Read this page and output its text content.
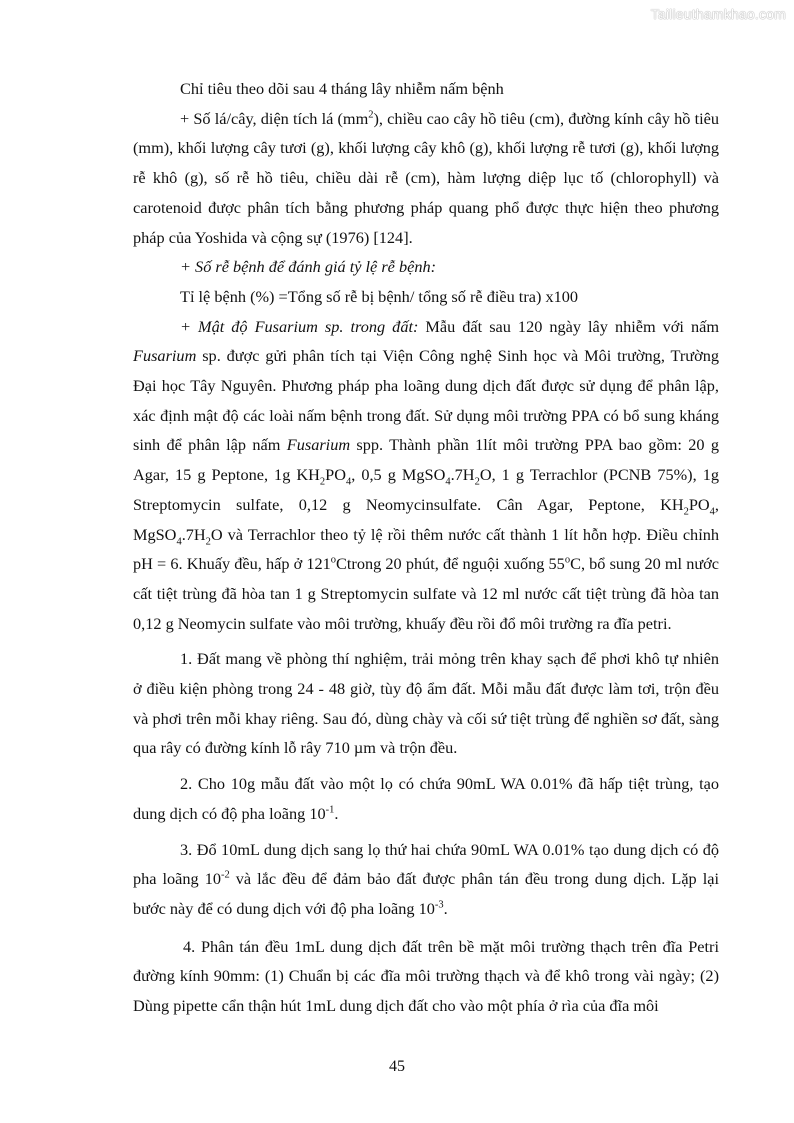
Tailieuthamkhao.com

Chỉ tiêu theo dõi sau 4 tháng lây nhiễm nấm bệnh

+ Số lá/cây, diện tích lá $(mm^2)$, chiều cao cây hồ tiêu (cm), đường kính cây hồ tiêu (mm), khối lượng cây tươi (g), khối lượng cây khô (g), khối lượng rễ tươi (g), khối lượng rễ khô (g), số rễ hồ tiêu, chiều dài rễ (cm), hàm lượng diệp lục tố (chlorophyll) và carotenoid được phân tích bằng phương pháp quang phổ được thực hiện theo phương pháp của Yoshida và cộng sự (1976) [124].

+ Số rễ bệnh để đánh giá tỷ lệ rễ bệnh:

Tỉ lệ bệnh (%) =Tổng số rễ bị bệnh/ tổng số rễ điều tra) x100

+ Mật độ Fusarium sp. trong đất: Mẫu đất sau 120 ngày lây nhiễm với nấm Fusarium sp. được gửi phân tích tại Viện Công nghệ Sinh học và Môi trường, Trường Đại học Tây Nguyên. Phương pháp pha loãng dung dịch đất được sử dụng để phân lập, xác định mật độ các loài nấm bệnh trong đất. Sử dụng môi trường PPA có bổ sung kháng sinh để phân lập nấm Fusarium spp. Thành phần 1lít môi trường PPA bao gồm: 20 g Agar, 15 g Peptone, 1g $KH_2PO_4$, 0,5 g $MgSO_4.7H_2O$, 1 g Terrachlor (PCNB 75%), 1g Streptomycin sulfate, 0,12 g Neomycinsulfate. Cân Agar, Peptone, $KH_2PO_4$, $MgSO_4.7H_2O$ và Terrachlor theo tỷ lệ rồi thêm nước cất thành 1 lít hỗn hợp. Điều chỉnh pH = 6. Khuấy đều, hấp ở 121$^o$Ctrong 20 phút, để nguội xuống 55$^o$C, bổ sung 20 ml nước cất tiệt trùng đã hòa tan 1 g Streptomycin sulfate và 12 ml nước cất tiệt trùng đã hòa tan 0,12 g Neomycin sulfate vào môi trường, khuấy đều rồi đổ môi trường ra đĩa petri.

1. Đất mang về phòng thí nghiệm, trải mỏng trên khay sạch để phơi khô tự nhiên ở điều kiện phòng trong 24 - 48 giờ, tùy độ ẩm đất. Mỗi mẫu đất được làm tơi, trộn đều và phơi trên mỗi khay riêng. Sau đó, dùng chày và cối sứ tiệt trùng để nghiền sơ đất, sàng qua rây có đường kính lỗ rây 710 µm và trộn đều.

2. Cho 10g mẫu đất vào một lọ có chứa 90mL WA 0.01% đã hấp tiệt trùng, tạo dung dịch có độ pha loãng $10^{-1}$.

3. Đổ 10mL dung dịch sang lọ thứ hai chứa 90mL WA 0.01% tạo dung dịch có độ pha loãng $10^{-2}$ và lắc đều để đảm bảo đất được phân tán đều trong dung dịch. Lặp lại bước này để có dung dịch với độ pha loãng $10^{-3}$.

4. Phân tán đều 1mL dung dịch đất trên bề mặt môi trường thạch trên đĩa Petri đường kính 90mm: (1) Chuẩn bị các đĩa môi trường thạch và để khô trong vài ngày; (2) Dùng pipette cẩn thận hút 1mL dung dịch đất cho vào một phía ở rìa của đĩa môi

45
